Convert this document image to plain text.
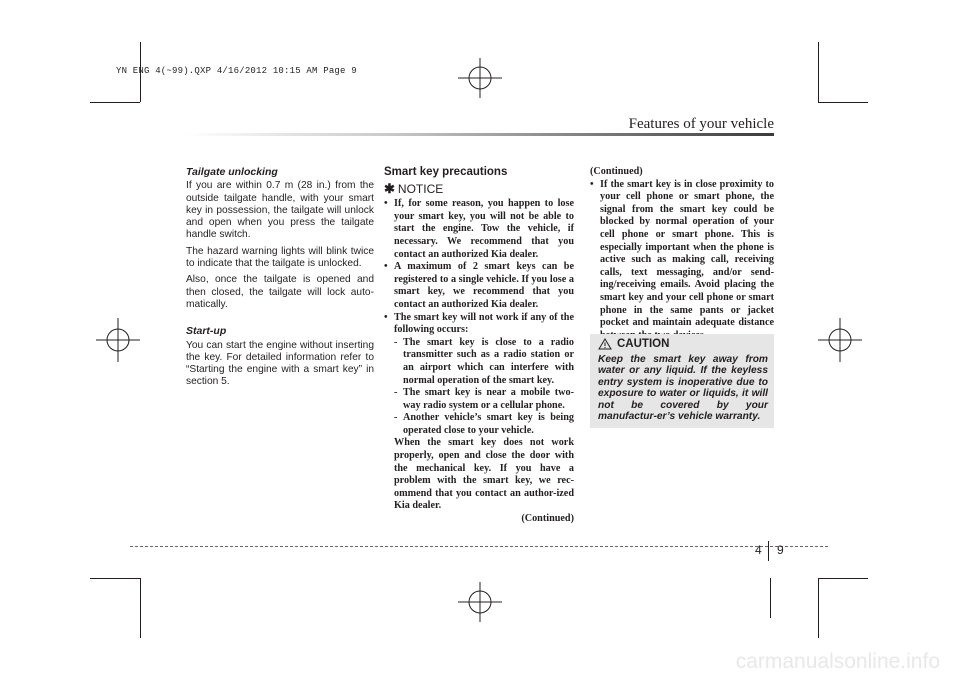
YN ENG 4(~99).QXP 4/16/2012 10:15 AM Page 9
Features of your vehicle

Tailgate unlocking

If you are within 0.7 m (28 in.) from the outside tailgate handle, with your smart key in possession, the tailgate will unlock and open when you press the tailgate handle switch.

The hazard warning lights will blink twice to indicate that the tailgate is unlocked.

Also, once the tailgate is opened and then closed, the tailgate will lock auto-matically.

Start-up

You can start the engine without inserting the key. For detailed information refer to “Starting the engine with a smart key” in section 5.

Smart key precautions

✱ NOTICE
• If, for some reason, you happen to lose your smart key, you will not be able to start the engine. Tow the vehicle, if necessary. We recommend that you contact an authorized Kia dealer.
• A maximum of 2 smart keys can be registered to a single vehicle. If you lose a smart key, we recommend that you contact an authorized Kia dealer.
• The smart key will not work if any of the following occurs:
- The smart key is close to a radio transmitter such as a radio station or an airport which can interfere with normal operation of the smart key.
- The smart key is near a mobile two-way radio system or a cellular phone.
- Another vehicle’s smart key is being operated close to your vehicle.
When the smart key does not work properly, open and close the door with the mechanical key. If you have a problem with the smart key, we rec-ommend that you contact an author-ized Kia dealer.
(Continued)
(Continued)
• If the smart key is in close proximity to your cell phone or smart phone, the signal from the smart key could be blocked by normal operation of your cell phone or smart phone. This is especially important when the phone is active such as making call, receiving calls, text messaging, and/or send-ing/receiving emails. Avoid placing the smart key and your cell phone or smart phone in the same pants or jacket pocket and maintain adequate distance
CAUTION
Keep the smart key away from water or any liquid. If the keyless entry system is inoperative due to exposure to water or liquids, it will not be covered by your manufactur-er’s vehicle warranty.
4 9
carmanualsonline.info
